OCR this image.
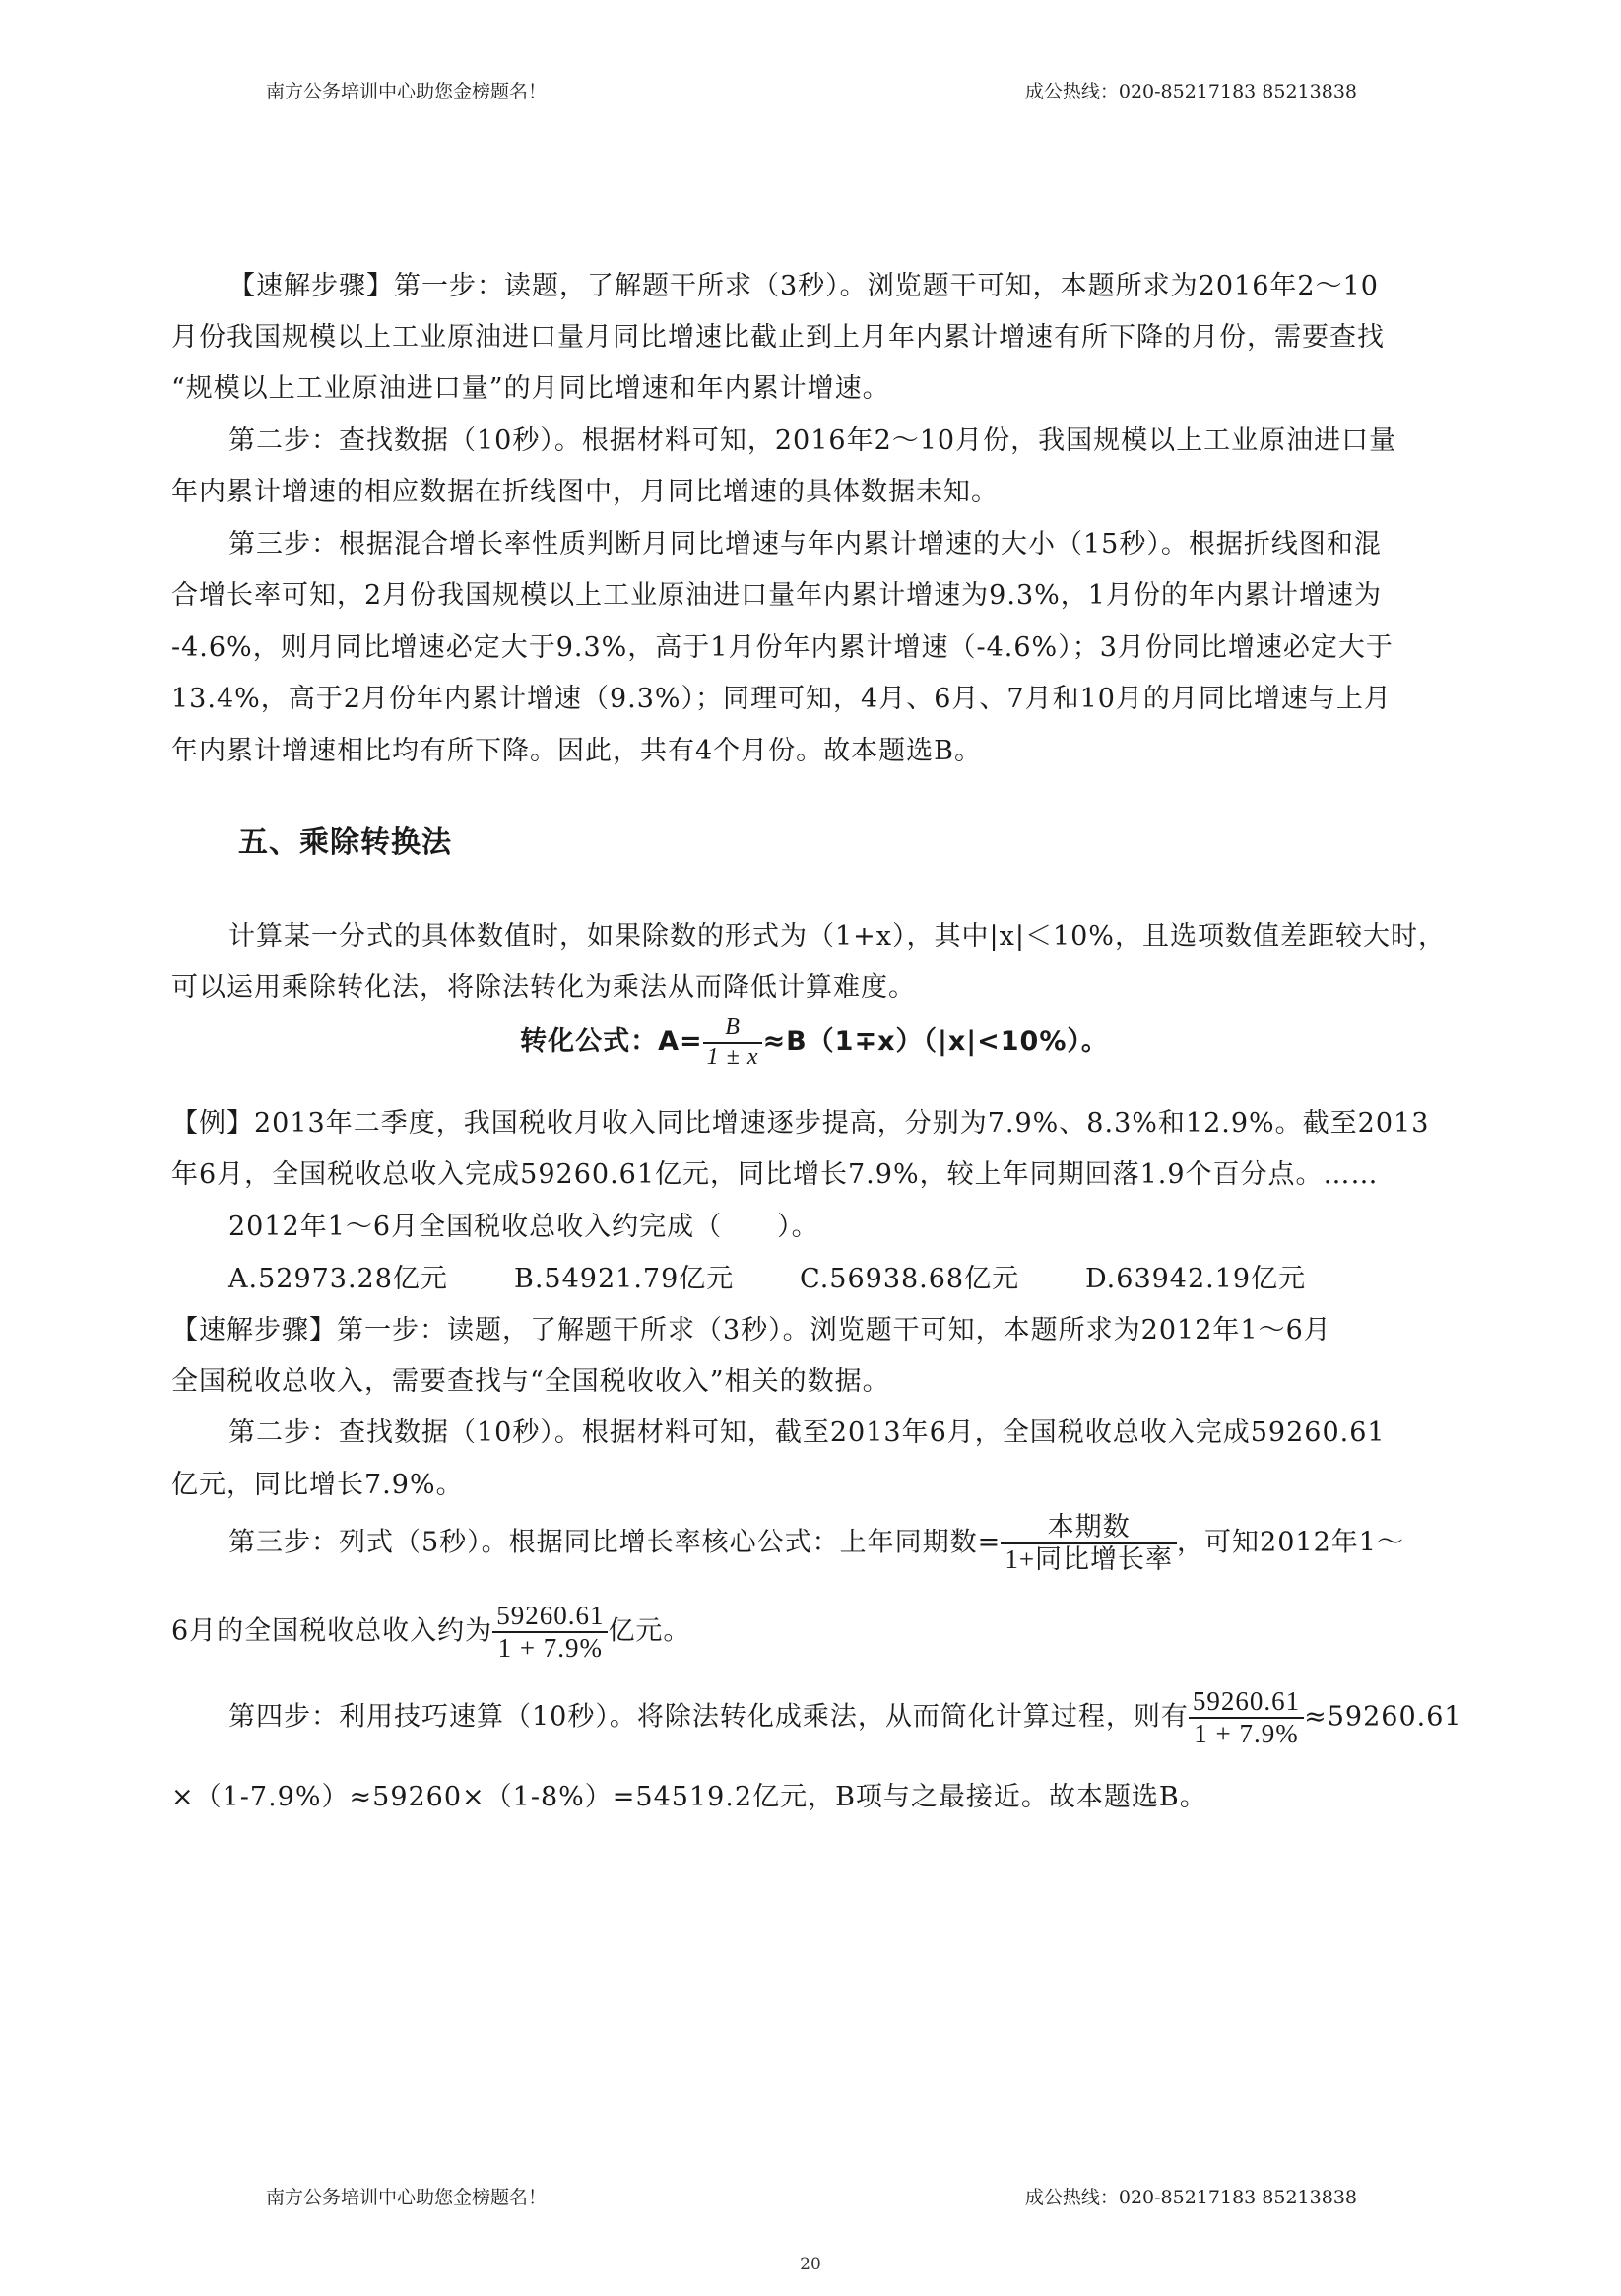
南方公务培训中心助您金榜题名！	成公热线：020-85217183 85213838
【速解步骤】第一步：读题，了解题干所求（3秒）。浏览题干可知，本题所求为2016年2～10
月份我国规模以上工业原油进口量月同比增速比截止到上月年内累计增速有所下降的月份，需要查找
“规模以上工业原油进口量”的月同比增速和年内累计增速。
第二步：查找数据（10秒）。根据材料可知，2016年2～10月份，我国规模以上工业原油进口量
年内累计增速的相应数据在折线图中，月同比增速的具体数据未知。
第三步：根据混合增长率性质判断月同比增速与年内累计增速的大小（15秒）。根据折线图和混
合增长率可知，2月份我国规模以上工业原油进口量年内累计增速为9.3%，1月份的年内累计增速为
-4.6%，则月同比增速必定大于9.3%，高于1月份年内累计增速（-4.6%）；3月份同比增速必定大于
13.4%，高于2月份年内累计增速（9.3%）；同理可知，4月、6月、7月和10月的月同比增速与上月
年内累计增速相比均有所下降。因此，共有4个月份。故本题选B。
五、乘除转换法
计算某一分式的具体数值时，如果除数的形式为（1+x），其中|x|＜10%，且选项数值差距较大时，
可以运用乘除转化法，将除法转化为乘法从而降低计算难度。
转化公式：$A= \frac{B}{1 \pm x} \approx B(1\mp x)(|x|<10\%)$。
【例】2013年二季度，我国税收月收入同比增速逐步提高，分别为7.9%、8.3%和12.9%。截至2013
年6月，全国税收总收入完成59260.61亿元，同比增长7.9%，较上年同期回落1.9个百分点。……
2012年1～6月全国税收总收入约完成（　　）。
A.52973.28亿元 B.54921.79亿元 C.56938.68亿元 D.63942.19亿元
【速解步骤】第一步：读题，了解题干所求（3秒）。浏览题干可知，本题所求为2012年1～6月
全国税收总收入，需要查找与“全国税收收入”相关的数据。
第二步：查找数据（10秒）。根据材料可知，截至2013年6月，全国税收总收入完成59260.61
亿元，同比增长7.9%。
第三步：列式（5秒）。根据同比增长率核心公式：上年同期数= $\frac{\text{本期数}}{\text{1+同比增长率}}$ ，可知2012年1～
6月的全国税收总收入约为 $\frac{59260.61}{1 + 7.9\%}$ 亿元。
第四步：利用技巧速算（10秒）。将除法转化成乘法，从而简化计算过程，则有 $\frac{59260.61}{1 + 7.9\%} \approx 59260.61$
×（1-7.9%）≈59260×（1-8%）=54519.2亿元，B项与之最接近。故本题选B。
南方公务培训中心助您金榜题名！	成公热线：020-85217183 85213838
20
